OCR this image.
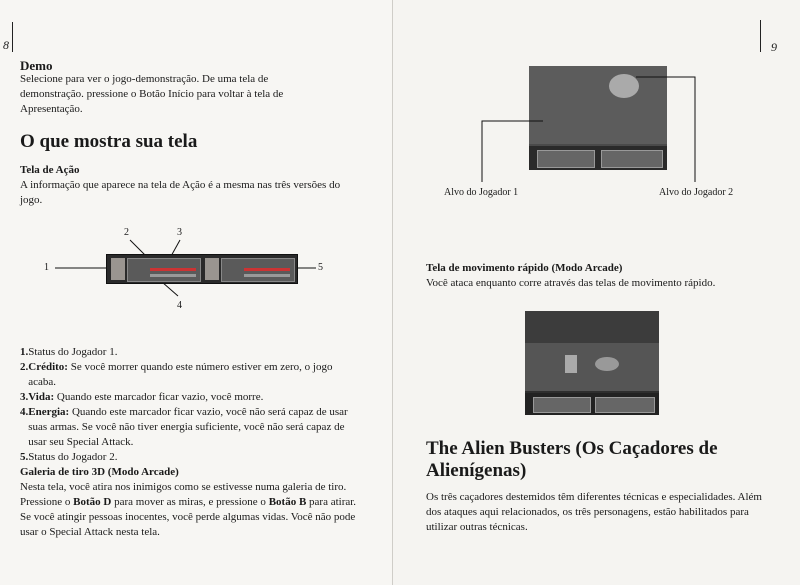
8
Demo
Selecione para ver o jogo-demonstração. De uma tela de demonstração. pressione o Botão Início para voltar à tela de Apresentação.
O que mostra sua tela
Tela de Ação
A informação que aparece na tela de Ação é a mesma nas três versões do jogo.
1
2	3
4
5
1. Status do Jogador 1.
2. Crédito: Se você morrer quando este número estiver em zero, o jogo acaba.
3. Vida: Quando este marcador ficar vazio, você morre.
4. Energia: Quando este marcador ficar vazio, você não será capaz de usar suas armas. Se você não tiver energia suficiente, você não será capaz de usar seu Special Attack.
5. Status do Jogador 2.
Galeria de tiro 3D (Modo Arcade)
Nesta tela, você atira nos inimigos como se estivesse numa galeria de tiro. Pressione o Botão D para mover as miras, e pressione o Botão B para atirar. Se você atingir pessoas inocentes, você perde algumas vidas. Você não pode usar o Special Attack nesta tela.
9
Alvo do Jogador 1	Alvo do Jogador 2
Tela de movimento rápido (Modo Arcade)
Você ataca enquanto corre através das telas de movimento rápido.
The Alien Busters (Os Caçadores de Alienígenas)
Os três caçadores destemidos têm diferentes técnicas e especialidades. Além dos ataques aqui relacionados, os três personagens, estão habilitados para utilizar outras técnicas.
